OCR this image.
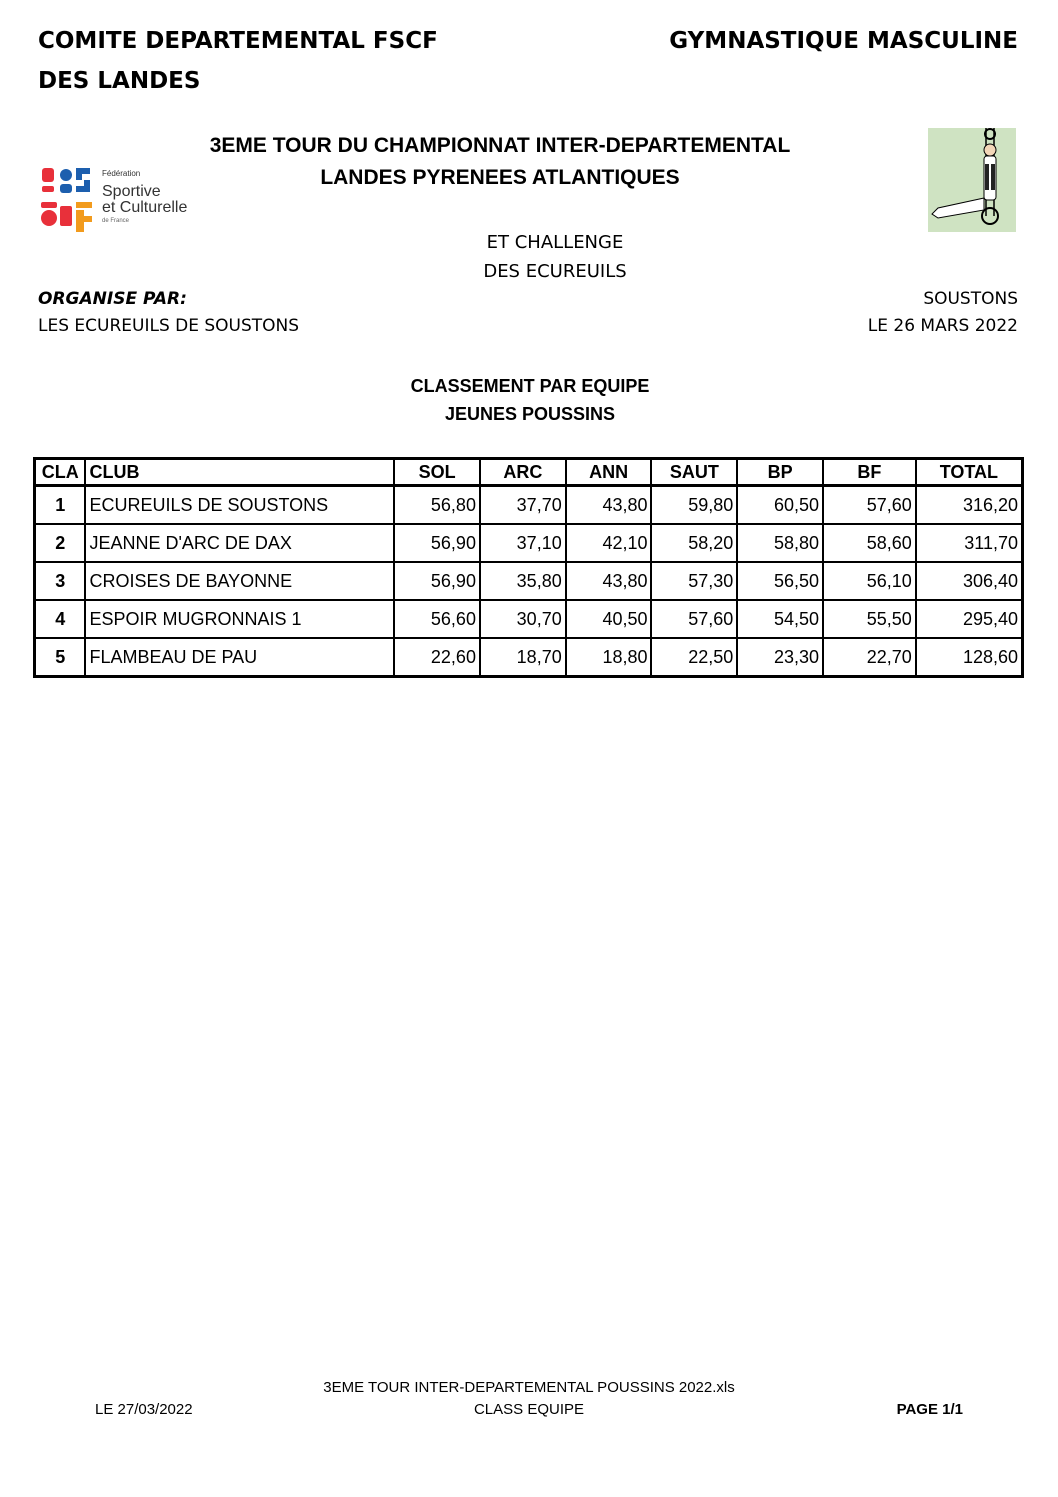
COMITE DEPARTEMENTAL FSCF
DES LANDES
GYMNASTIQUE MASCULINE
Fédération
Sportive
et Culturelle
de France
3EME TOUR DU CHAMPIONNAT INTER-DEPARTEMENTAL
LANDES PYRENEES ATLANTIQUES
ET CHALLENGE
DES ECUREUILS
ORGANISE PAR:
LES ECUREUILS DE SOUSTONS
SOUSTONS
LE 26 MARS 2022
CLASSEMENT PAR EQUIPE
JEUNES POUSSINS
CLA	CLUB	SOL	ARC	ANN	SAUT	BP	BF	TOTAL
1	ECUREUILS DE SOUSTONS	56,80	37,70	43,80	59,80	60,50	57,60	316,20
2	JEANNE D'ARC DE DAX	56,90	37,10	42,10	58,20	58,80	58,60	311,70
3	CROISES DE BAYONNE	56,90	35,80	43,80	57,30	56,50	56,10	306,40
4	ESPOIR MUGRONNAIS 1	56,60	30,70	40,50	57,60	54,50	55,50	295,40
5	FLAMBEAU DE PAU	22,60	18,70	18,80	22,50	23,30	22,70	128,60
3EME TOUR INTER-DEPARTEMENTAL POUSSINS 2022.xls
CLASS EQUIPE
LE 27/03/2022	PAGE 1/1
